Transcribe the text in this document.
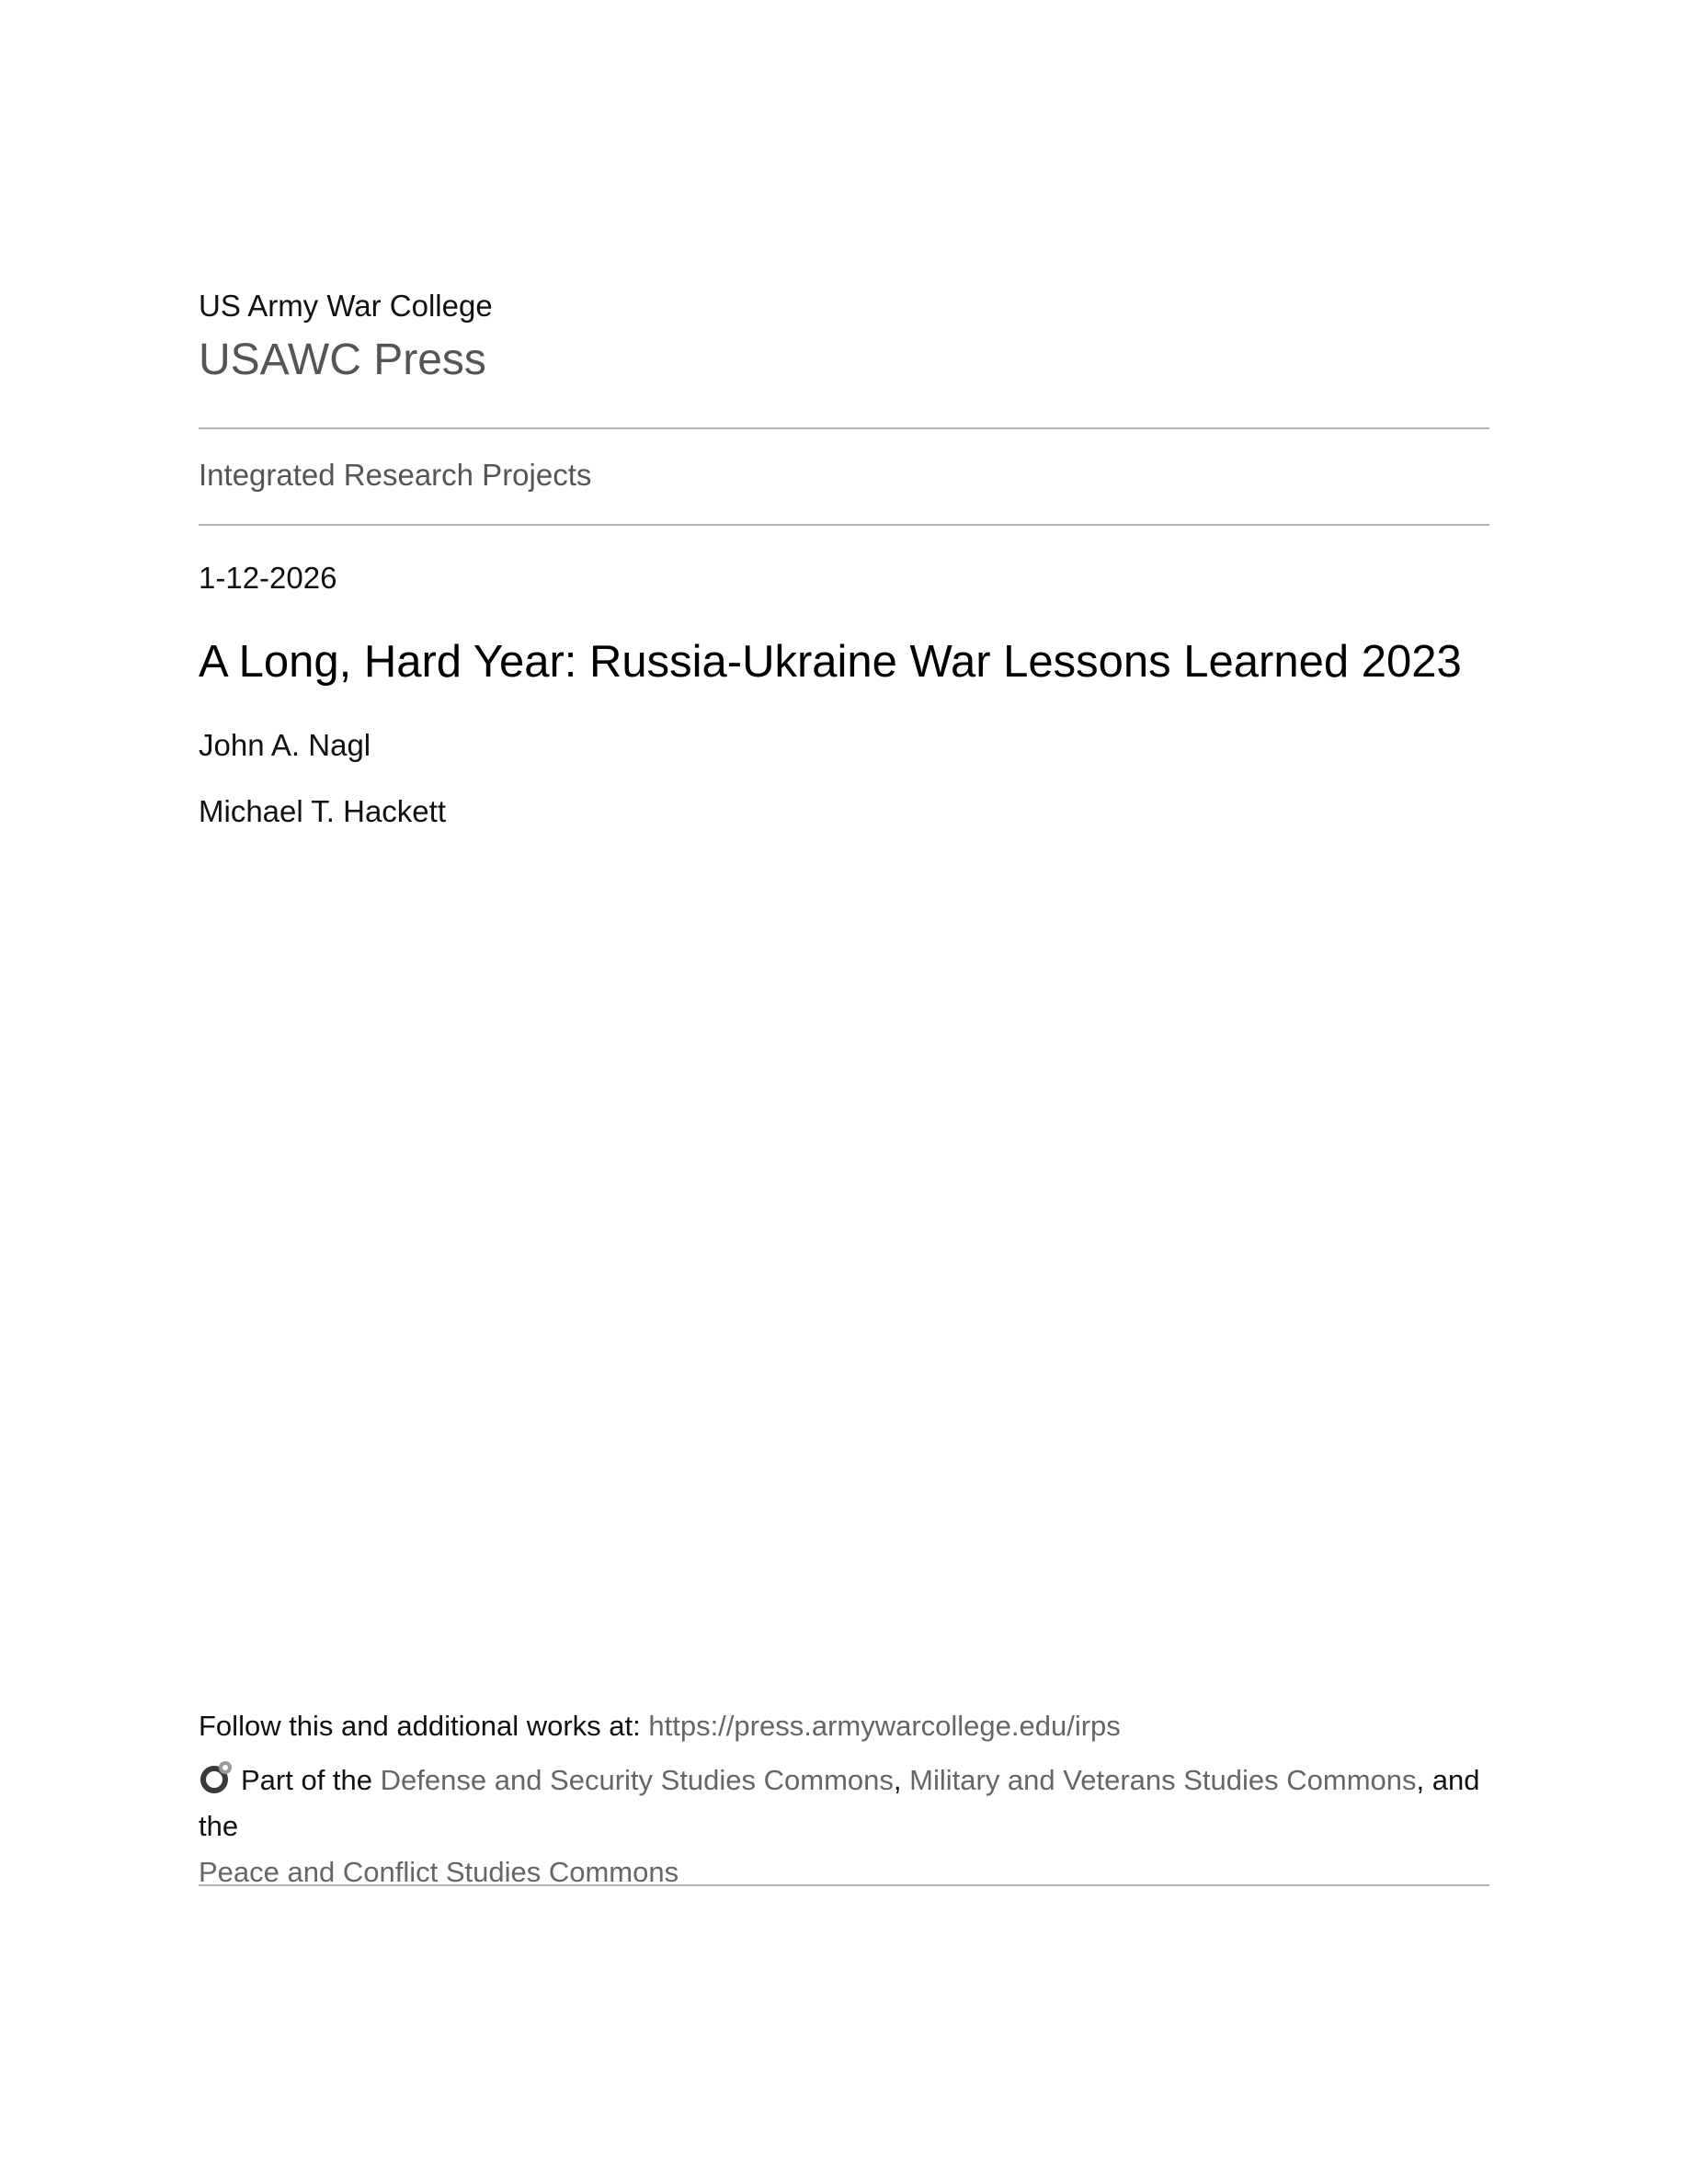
US Army War College
USAWC Press
Integrated Research Projects
1-12-2026
A Long, Hard Year: Russia-Ukraine War Lessons Learned 2023
John A. Nagl
Michael T. Hackett
Follow this and additional works at: https://press.armywarcollege.edu/irps
Part of the Defense and Security Studies Commons, Military and Veterans Studies Commons, and the
Peace and Conflict Studies Commons
